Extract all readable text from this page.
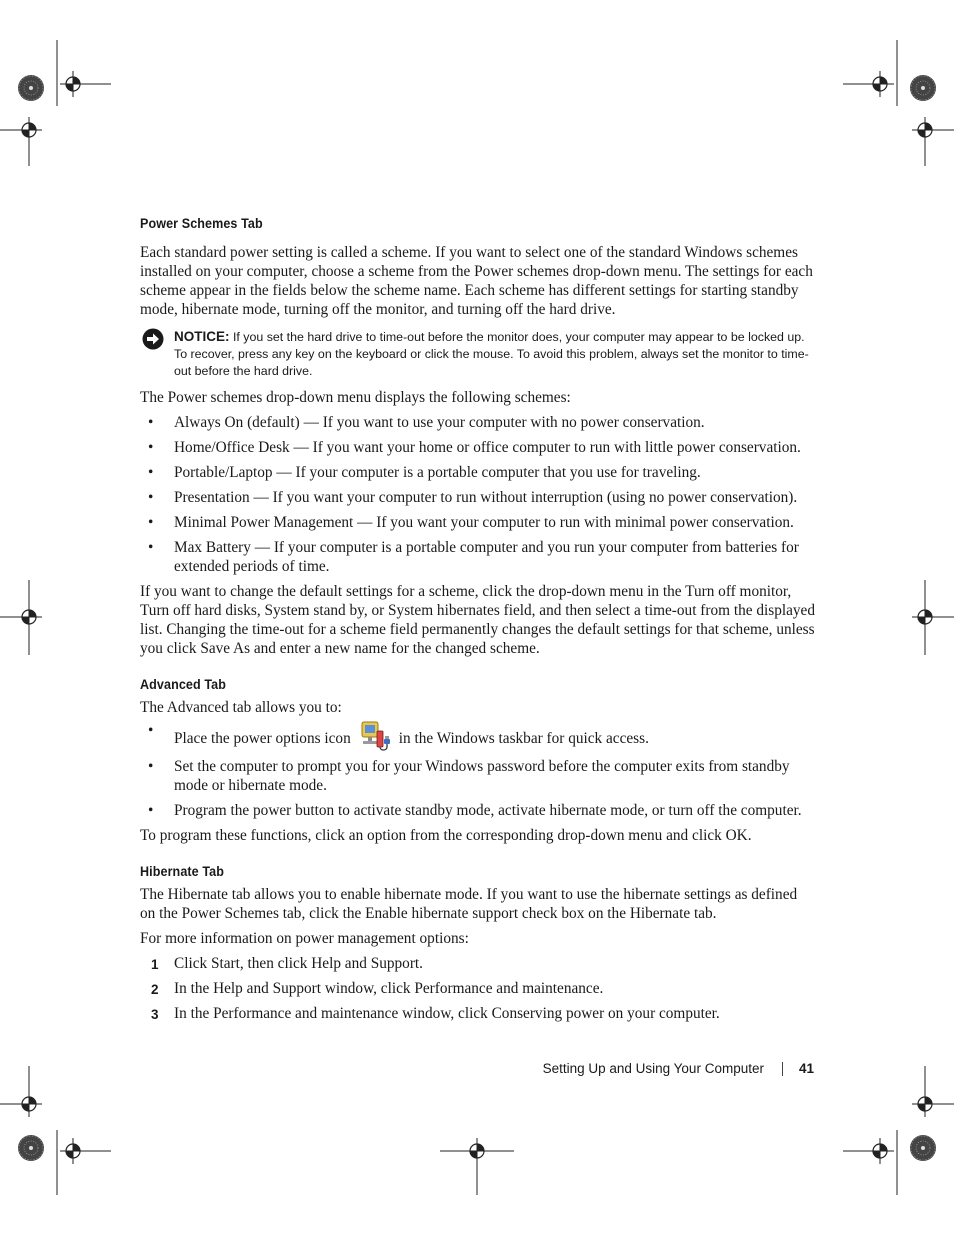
Power Schemes Tab

Each standard power setting is called a scheme. If you want to select one of the standard Windows schemes installed on your computer, choose a scheme from the Power schemes drop-down menu. The settings for each scheme appear in the fields below the scheme name. Each scheme has different settings for starting standby mode, hibernate mode, turning off the monitor, and turning off the hard drive.

NOTICE: If you set the hard drive to time-out before the monitor does, your computer may appear to be locked up. To recover, press any key on the keyboard or click the mouse. To avoid this problem, always set the monitor to time-out before the hard drive.

The Power schemes drop-down menu displays the following schemes:

• Always On (default) — If you want to use your computer with no power conservation.
• Home/Office Desk — If you want your home or office computer to run with little power conservation.
• Portable/Laptop — If your computer is a portable computer that you use for traveling.
• Presentation — If you want your computer to run without interruption (using no power conservation).
• Minimal Power Management — If you want your computer to run with minimal power conservation.
• Max Battery — If your computer is a portable computer and you run your computer from batteries for extended periods of time.

If you want to change the default settings for a scheme, click the drop-down menu in the Turn off monitor, Turn off hard disks, System stand by, or System hibernates field, and then select a time-out from the displayed list. Changing the time-out for a scheme field permanently changes the default settings for that scheme, unless you click Save As and enter a new name for the changed scheme.

Advanced Tab

The Advanced tab allows you to:

• Place the power options icon	in the Windows taskbar for quick access.
• Set the computer to prompt you for your Windows password before the computer exits from standby mode or hibernate mode.
• Program the power button to activate standby mode, activate hibernate mode, or turn off the computer.

To program these functions, click an option from the corresponding drop-down menu and click OK.

Hibernate Tab

The Hibernate tab allows you to enable hibernate mode. If you want to use the hibernate settings as defined on the Power Schemes tab, click the Enable hibernate support check box on the Hibernate tab.

For more information on power management options:

1 Click Start, then click Help and Support.
2 In the Help and Support window, click Performance and maintenance.
3 In the Performance and maintenance window, click Conserving power on your computer.
Setting Up and Using Your Computer	41
